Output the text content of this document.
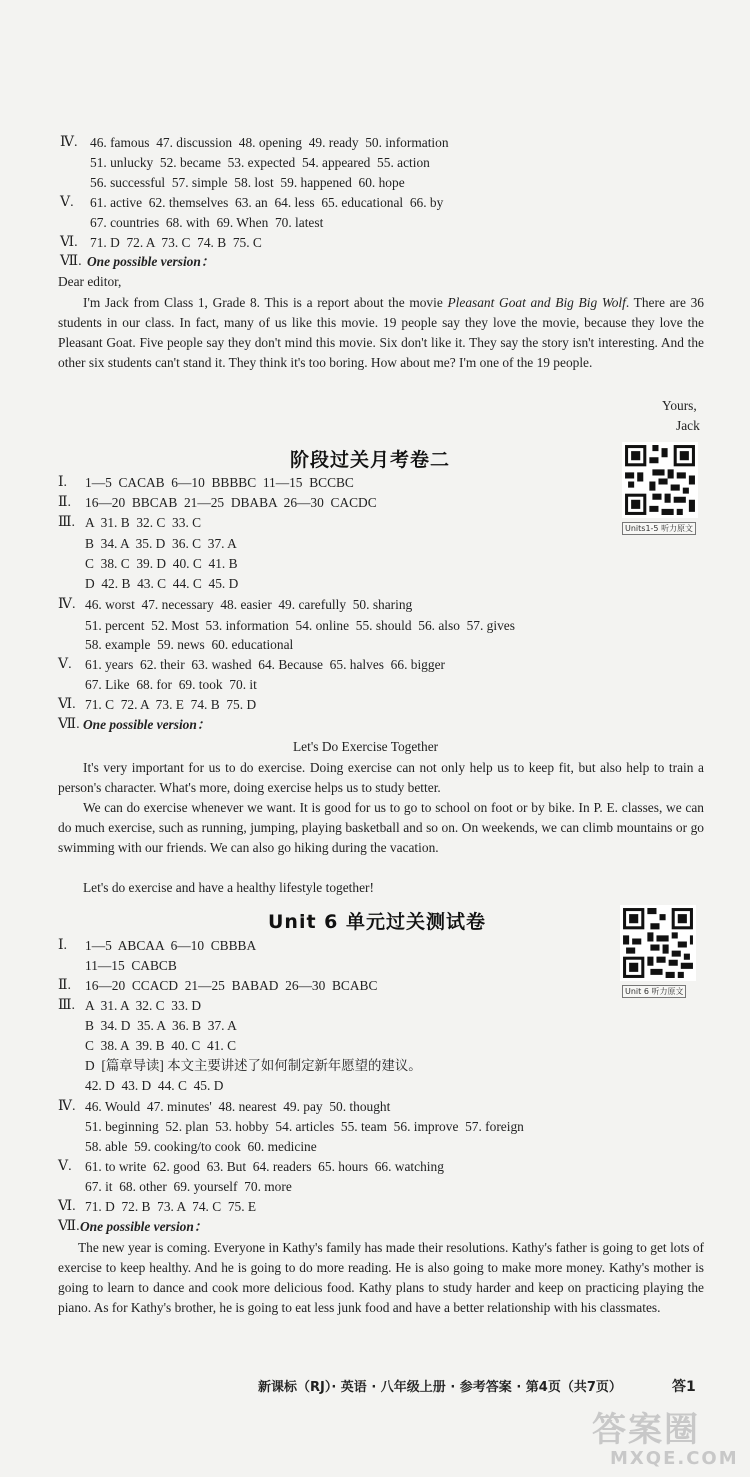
Ⅳ. 46. famous  47. discussion  48. opening  49. ready  50. information
51. unlucky  52. became  53. expected  54. appeared  55. action
56. successful  57. simple  58. lost  59. happened  60. hope
Ⅴ. 61. active  62. themselves  63. an  64. less  65. educational  66. by
67. countries  68. with  69. When  70. latest
Ⅵ. 71. D  72. A  73. C  74. B  75. C
Ⅶ. One possible version：
Dear editor,
I'm Jack from Class 1, Grade 8. This is a report about the movie Pleasant Goat and Big Big Wolf. There are 36 students in our class. In fact, many of us like this movie. 19 people say they love the movie, because they love the Pleasant Goat. Five people say they don't mind this movie. Six don't like it. They say the story isn't interesting. And the other six students can't stand it. They think it's too boring. How about me? I'm one of the 19 people.
Yours,
Jack
阶段过关月考卷二
Units1-5 听力原文
Ⅰ. 1—5  CACAB  6—10  BBBBC  11—15  BCCBC
Ⅱ. 16—20  BBCAB  21—25  DBABA  26—30  CACDC
Ⅲ. A  31. B  32. C  33. C
B  34. A  35. D  36. C  37. A
C  38. C  39. D  40. C  41. B
D  42. B  43. C  44. C  45. D
Ⅳ. 46. worst  47. necessary  48. easier  49. carefully  50. sharing
51. percent  52. Most  53. information  54. online  55. should  56. also  57. gives
58. example  59. news  60. educational
Ⅴ. 61. years  62. their  63. washed  64. Because  65. halves  66. bigger
67. Like  68. for  69. took  70. it
Ⅵ. 71. C  72. A  73. E  74. B  75. D
Ⅶ. One possible version：
Let's Do Exercise Together
It's very important for us to do exercise. Doing exercise can not only help us to keep fit, but also help to train a person's character. What's more, doing exercise helps us to study better.
We can do exercise whenever we want. It is good for us to go to school on foot or by bike. In P. E. classes, we can do much exercise, such as running, jumping, playing basketball and so on. On weekends, we can climb mountains or go swimming with our friends. We can also go hiking during the vacation.
Let's do exercise and have a healthy lifestyle together!
Unit 6 单元过关测试卷
Unit 6 听力原文
Ⅰ. 1—5  ABCAA  6—10  CBBBA
11—15  CABCB
Ⅱ. 16—20  CCACD  21—25  BABAD  26—30  BCABC
Ⅲ. A  31. A  32. C  33. D
B  34. D  35. A  36. B  37. A
C  38. A  39. B  40. C  41. C
D  [篇章导读] 本文主要讲述了如何制定新年愿望的建议。
42. D  43. D  44. C  45. D
Ⅳ. 46. Would  47. minutes'  48. nearest  49. pay  50. thought
51. beginning  52. plan  53. hobby  54. articles  55. team  56. improve  57. foreign
58. able  59. cooking/to cook  60. medicine
Ⅴ. 61. to write  62. good  63. But  64. readers  65. hours  66. watching
67. it  68. other  69. yourself  70. more
Ⅵ. 71. D  72. B  73. A  74. C  75. E
Ⅶ. One possible version：
The new year is coming. Everyone in Kathy's family has made their resolutions. Kathy's father is going to get lots of exercise to keep healthy. And he is going to do more reading. He is also going to make more money. Kathy's mother is going to learn to dance and cook more delicious food. Kathy plans to study harder and keep on practicing playing the piano. As for Kathy's brother, he is going to eat less junk food and have a better relationship with his classmates.
新课标（RJ）· 英语 · 八年级上册 · 参考答案 · 第4页（共7页）	答1
答案圈
MXQE.COM
